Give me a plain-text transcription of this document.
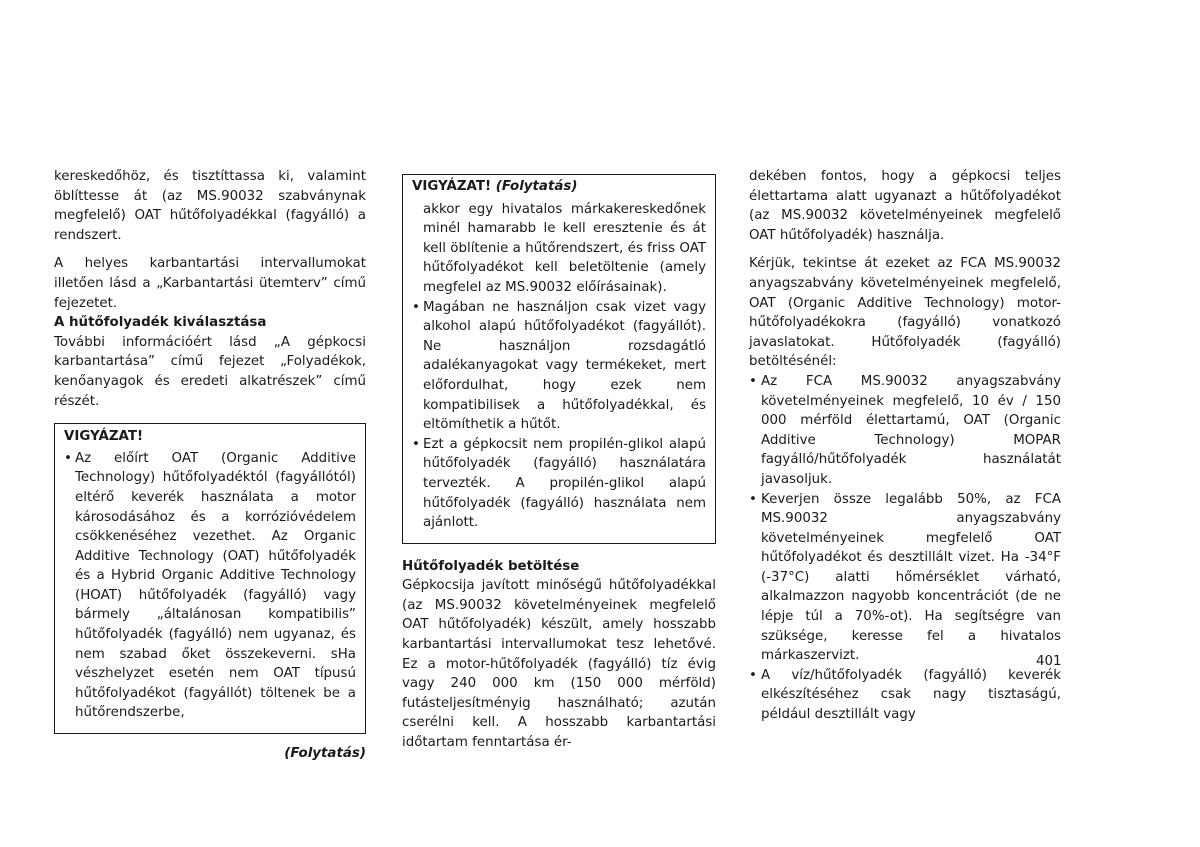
kereskedőhöz, és tisztíttassa ki, valamint öblíttesse át (az MS.90032 szabványnak megfelelő) OAT hűtőfolyadékkal (fagyálló) a rendszert.

A helyes karbantartási intervallumokat illetően lásd a „Karbantartási ütemterv” című fejezetet.

A hűtőfolyadék kiválasztása

További információért lásd „A gépkocsi karbantartása” című fejezet „Folyadékok, kenőanyagok és eredeti alkatrészek” című részét.

VIGYÁZAT!

• Az előírt OAT (Organic Additive Technology) hűtőfolyadéktól (fagyállótól) eltérő keverék használata a motor károsodásához és a korrózióvédelem csökkenéséhez vezethet. Az Organic Additive Technology (OAT) hűtőfolyadék és a Hybrid Organic Additive Technology (HOAT) hűtőfolyadék (fagyálló) vagy bármely „általánosan kompatibilis” hűtőfolyadék (fagyálló) nem ugyanaz, és nem szabad őket összekeverni. sHa vészhelyzet esetén nem OAT típusú hűtőfolyadékot (fagyállót) töltenek be a hűtőrendszerbe,

(Folytatás)

VIGYÁZAT! (Folytatás)

akkor egy hivatalos márkakereskedőnek minél hamarabb le kell eresztenie és át kell öblítenie a hűtőrendszert, és friss OAT hűtőfolyadékot kell beletöltenie (amely megfelel az MS.90032 előírásainak).

• Magában ne használjon csak vizet vagy alkohol alapú hűtőfolyadékot (fagyállót). Ne használjon rozsdagátló adalékanyagokat vagy termékeket, mert előfordulhat, hogy ezek nem kompatibilisek a hűtőfolyadékkal, és eltömíthetik a hűtőt.

• Ezt a gépkocsit nem propilén-glikol alapú hűtőfolyadék (fagyálló) használatára tervezték. A propilén-glikol alapú hűtőfolyadék (fagyálló) használata nem ajánlott.

Hűtőfolyadék betöltése

Gépkocsija javított minőségű hűtőfolyadékkal (az MS.90032 követelményeinek megfelelő OAT hűtőfolyadék) készült, amely hosszabb karbantartási intervallumokat tesz lehetővé. Ez a motor-hűtőfolyadék (fagyálló) tíz évig vagy 240 000 km (150 000 mérföld) futásteljesítményig használható; azután cserélni kell. A hosszabb karbantartási időtartam fenntartása ér-

dekében fontos, hogy a gépkocsi teljes élettartama alatt ugyanazt a hűtőfolyadékot (az MS.90032 követelményeinek megfelelő OAT hűtőfolyadék) használja.

Kérjük, tekintse át ezeket az FCA MS.90032 anyagszabvány követelményeinek megfelelő, OAT (Organic Additive Technology) motor-hűtőfolyadékokra (fagyálló) vonatkozó javaslatokat. Hűtőfolyadék (fagyálló) betöltésénél:

• Az FCA MS.90032 anyagszabvány követelményeinek megfelelő, 10 év / 150 000 mérföld élettartamú, OAT (Organic Additive Technology) MOPAR fagyálló/hűtőfolyadék használatát javasoljuk.

• Keverjen össze legalább 50%, az FCA MS.90032 anyagszabvány követelményeinek megfelelő OAT hűtőfolyadékot és desztillált vizet. Ha -34°F (-37°C) alatti hőmérséklet várható, alkalmazzon nagyobb koncentrációt (de ne lépje túl a 70%-ot). Ha segítségre van szüksége, keresse fel a hivatalos márkaszervizt.

• A víz/hűtőfolyadék (fagyálló) keverék elkészítéséhez csak nagy tisztaságú, például desztillált vagy

401
